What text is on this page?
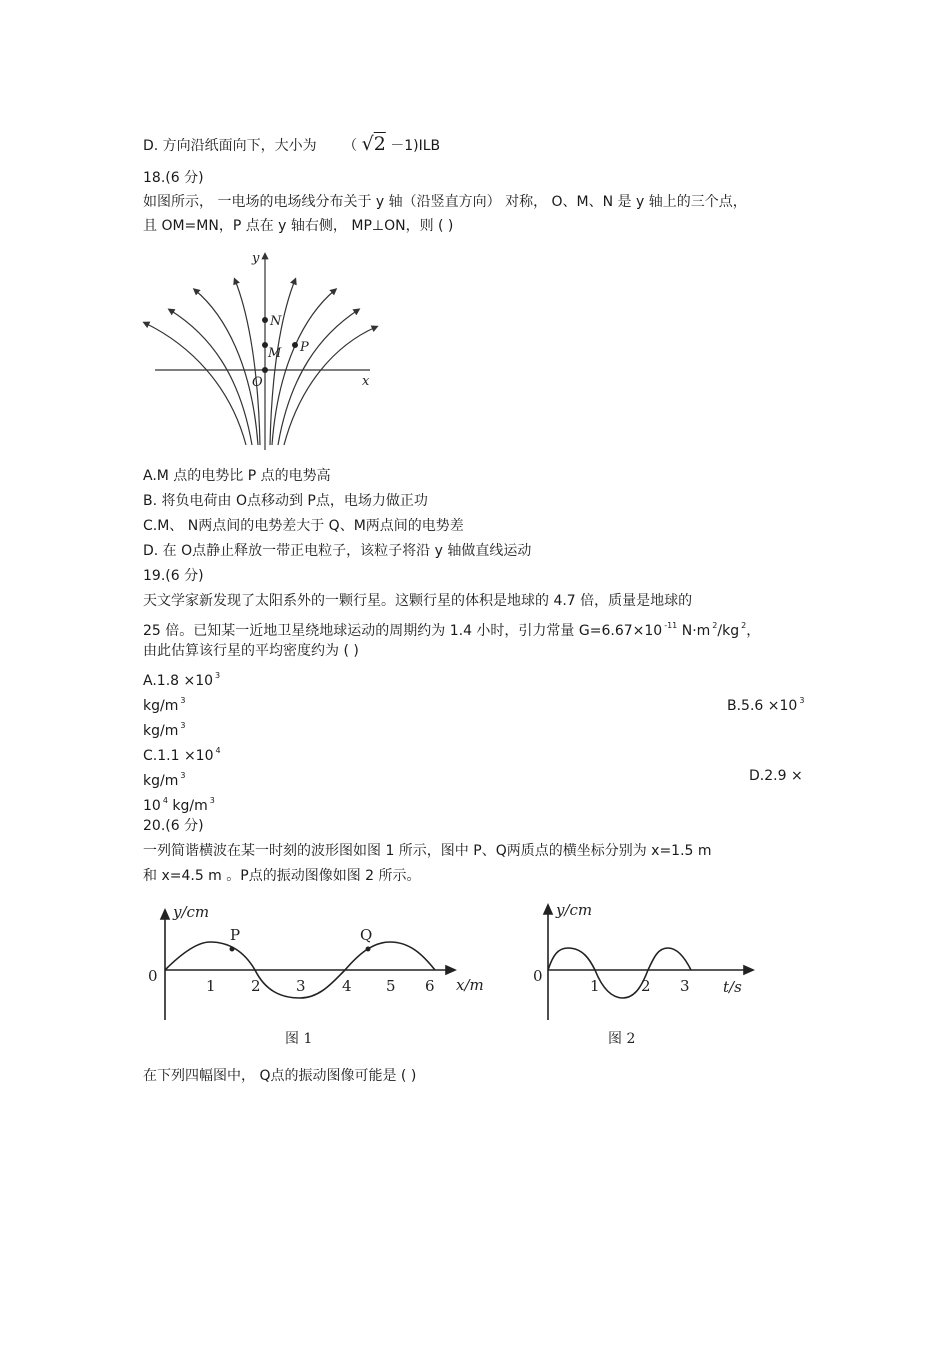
D. 方向沿纸面向下，大小为 （ √2 －1)ILB
18.(6 分)
如图所示， 一电场的电场线分布关于 y 轴（沿竖直方向） 对称， O、M、N 是 y 轴上的三个点，
且 OM=MN，P 点在 y 轴右侧， MP⊥ON，则 ( )
y
x
O
M
N
P
A.M 点的电势比 P 点的电势高
B. 将负电荷由 O点移动到 P点，电场力做正功
C.M、 N两点间的电势差大于 Q、M两点间的电势差
D. 在 O点静止释放一带正电粒子，该粒子将沿 y 轴做直线运动
19.(6 分)
天文学家新发现了太阳系外的一颗行星。这颗行星的体积是地球的 4.7 倍，质量是地球的
25 倍。已知某一近地卫星绕地球运动的周期约为 1.4 小时，引力常量 G=6.67×10 $^{-11}$ N·m $^2$/kg $^2$，
由此估算该行星的平均密度约为 ( )
A.1.8 ×10 $^3$
kg/m $^3$	B.5.6 ×10 $^3$
kg/m $^3$
C.1.1 ×10 $^4$
kg/m $^3$	D.2.9 ×
10 $^4$ kg/m $^3$
20.(6 分)
一列简谐横波在某一时刻的波形图如图 1 所示，图中 P、Q两质点的横坐标分别为 x=1.5 m
和 x=4.5 m 。P点的振动图像如图 2 所示。
y/cm
0
1 2 3 4 5 6 x/m
P	Q
图 1
y/cm
0
1	2 3 t/s
图 2
在下列四幅图中， Q点的振动图像可能是 ( )
